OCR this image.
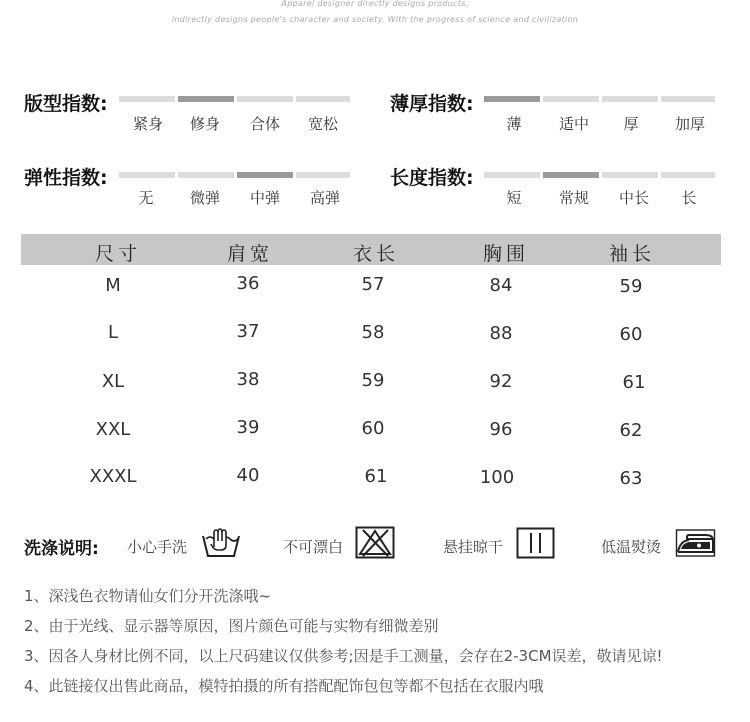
Apparel designer directly designs products,
indirectly designs people's character and society. With the progress of science and civilization
版型指数:
紧身	修身	合体	宽松
薄厚指数:
薄	适中	厚	加厚
弹性指数:
无	微弹	中弹	高弹
长度指数:
短	常规	中长	长
尺寸	肩宽	衣长	胸围	袖长
M	36	57	84	59
L	37	58	88	60
XL	38	59	92	61
XXL	39	60	96	62
XXXL	40	61	100	63
洗涤说明: 小心手洗	不可漂白	悬挂晾干	低温熨烫
1、深浅色衣物请仙女们分开洗涤哦~
2、由于光线、显示器等原因，图片颜色可能与实物有细微差别
3、因各人身材比例不同，以上尺码建议仅供参考;因是手工测量，会存在2-3CM误差，敬请见谅!
4、此链接仅出售此商品，模特拍摄的所有搭配配饰包包等都不包括在衣服内哦
